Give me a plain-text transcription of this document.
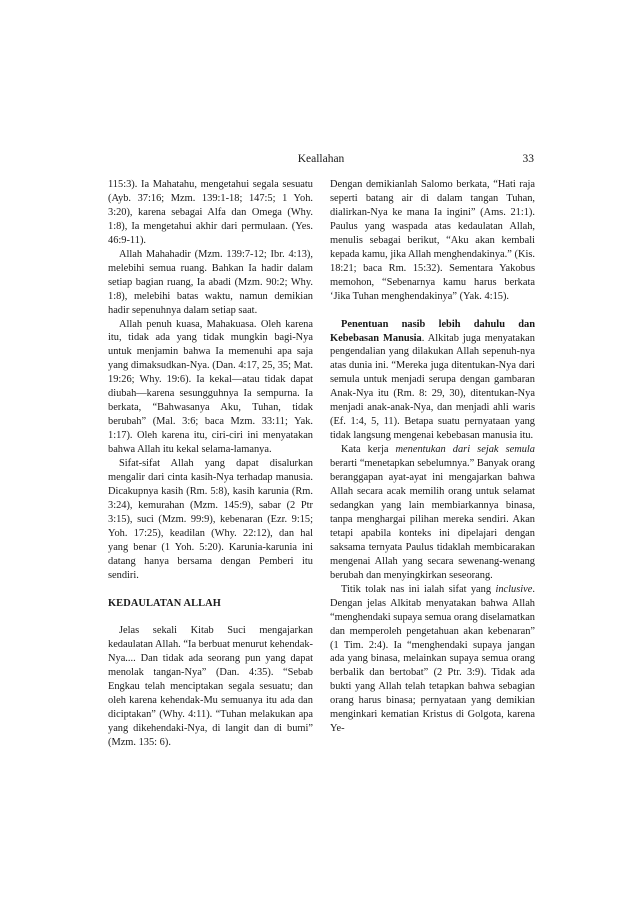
Keallahan	33

115:3). Ia Mahatahu, mengetahui segala sesuatu (Ayb. 37:16; Mzm. 139:1-18; 147:5; 1 Yoh. 3:20), karena sebagai Alfa dan Omega (Why. 1:8), Ia mengetahui akhir dari permulaan. (Yes. 46:9-11).

Allah Mahahadir (Mzm. 139:7-12; Ibr. 4:13), melebihi semua ruang. Bahkan Ia hadir dalam setiap bagian ruang, Ia abadi (Mzm. 90:2; Why. 1:8), melebihi batas waktu, namun demikian hadir sepenuhnya dalam setiap saat.

Allah penuh kuasa, Mahakuasa. Oleh karena itu, tidak ada yang tidak mungkin bagi-Nya untuk menjamin bahwa Ia memenuhi apa saja yang dimaksudkan-Nya. (Dan. 4:17, 25, 35; Mat. 19:26; Why. 19:6). Ia kekal—atau tidak dapat diubah—karena sesungguhnya Ia sempurna. Ia berkata, “Bahwasanya Aku, Tuhan, tidak berubah” (Mal. 3:6; baca Mzm. 33:11; Yak. 1:17). Oleh karena itu, ciri-ciri ini menyatakan bahwa Allah itu kekal selama-lamanya.

Sifat-sifat Allah yang dapat disalurkan mengalir dari cinta kasih-Nya terhadap manusia. Dicakupnya kasih (Rm. 5:8), kasih karunia (Rm. 3:24), kemurahan (Mzm. 145:9), sabar (2 Ptr 3:15), suci (Mzm. 99:9), kebenaran (Ezr. 9:15; Yoh. 17:25), keadilan (Why. 22:12), dan hal yang benar (1 Yoh. 5:20). Karunia-karunia ini datang hanya bersama dengan Pemberi itu sendiri.

KEDAULATAN ALLAH

Jelas sekali Kitab Suci mengajarkan kedaulatan Allah. “Ia berbuat menurut kehendak-Nya.... Dan tidak ada seorang pun yang dapat menolak tangan-Nya” (Dan. 4:35). “Sebab Engkau telah menciptakan segala sesuatu; dan oleh karena kehendak-Mu semuanya itu ada dan diciptakan” (Why. 4:11). “Tuhan melakukan apa yang dikehendaki-Nya, di langit dan di bumi” (Mzm. 135: 6).

Dengan demikianlah Salomo berkata, “Hati raja seperti batang air di dalam tangan Tuhan, dialirkan-Nya ke mana Ia ingini” (Ams. 21:1). Paulus yang waspada atas kedaulatan Allah, menulis sebagai berikut, “Aku akan kembali kepada kamu, jika Allah menghendakinya.” (Kis. 18:21; baca Rm. 15:32). Sementara Yakobus memohon, “Sebenarnya kamu harus berkata ‘Jika Tuhan menghendakinya” (Yak. 4:15).

Penentuan nasib lebih dahulu dan Kebebasan Manusia. Alkitab juga menyatakan pengendalian yang dilakukan Allah sepenuh-nya atas dunia ini. “Mereka juga ditentukan-Nya dari semula untuk menjadi serupa dengan gambaran Anak-Nya itu (Rm. 8: 29, 30), ditentukan-Nya menjadi anak-anak-Nya, dan menjadi ahli waris (Ef. 1:4, 5, 11). Betapa suatu pernyataan yang tidak langsung mengenai kebebasan manusia itu.

Kata kerja menentukan dari sejak semula berarti “menetapkan sebelumnya.” Banyak orang beranggapan ayat-ayat ini mengajarkan bahwa Allah secara acak memilih orang untuk selamat sedangkan yang lain membiarkannya binasa, tanpa menghargai pilihan mereka sendiri. Akan tetapi apabila konteks ini dipelajari dengan saksama ternyata Paulus tidaklah membicarakan mengenai Allah yang secara sewenang-wenang berubah dan menyingkirkan seseorang.

Titik tolak nas ini ialah sifat yang inclusive. Dengan jelas Alkitab menyatakan bahwa Allah “menghendaki supaya semua orang diselamatkan dan memperoleh pengetahuan akan kebenaran” (1 Tim. 2:4). Ia “menghendaki supaya jangan ada yang binasa, melainkan supaya semua orang berbalik dan bertobat” (2 Ptr. 3:9). Tidak ada bukti yang Allah telah tetapkan bahwa sebagian orang harus binasa; pernyataan yang demikian menginkari kematian Kristus di Golgota, karena Ye-
